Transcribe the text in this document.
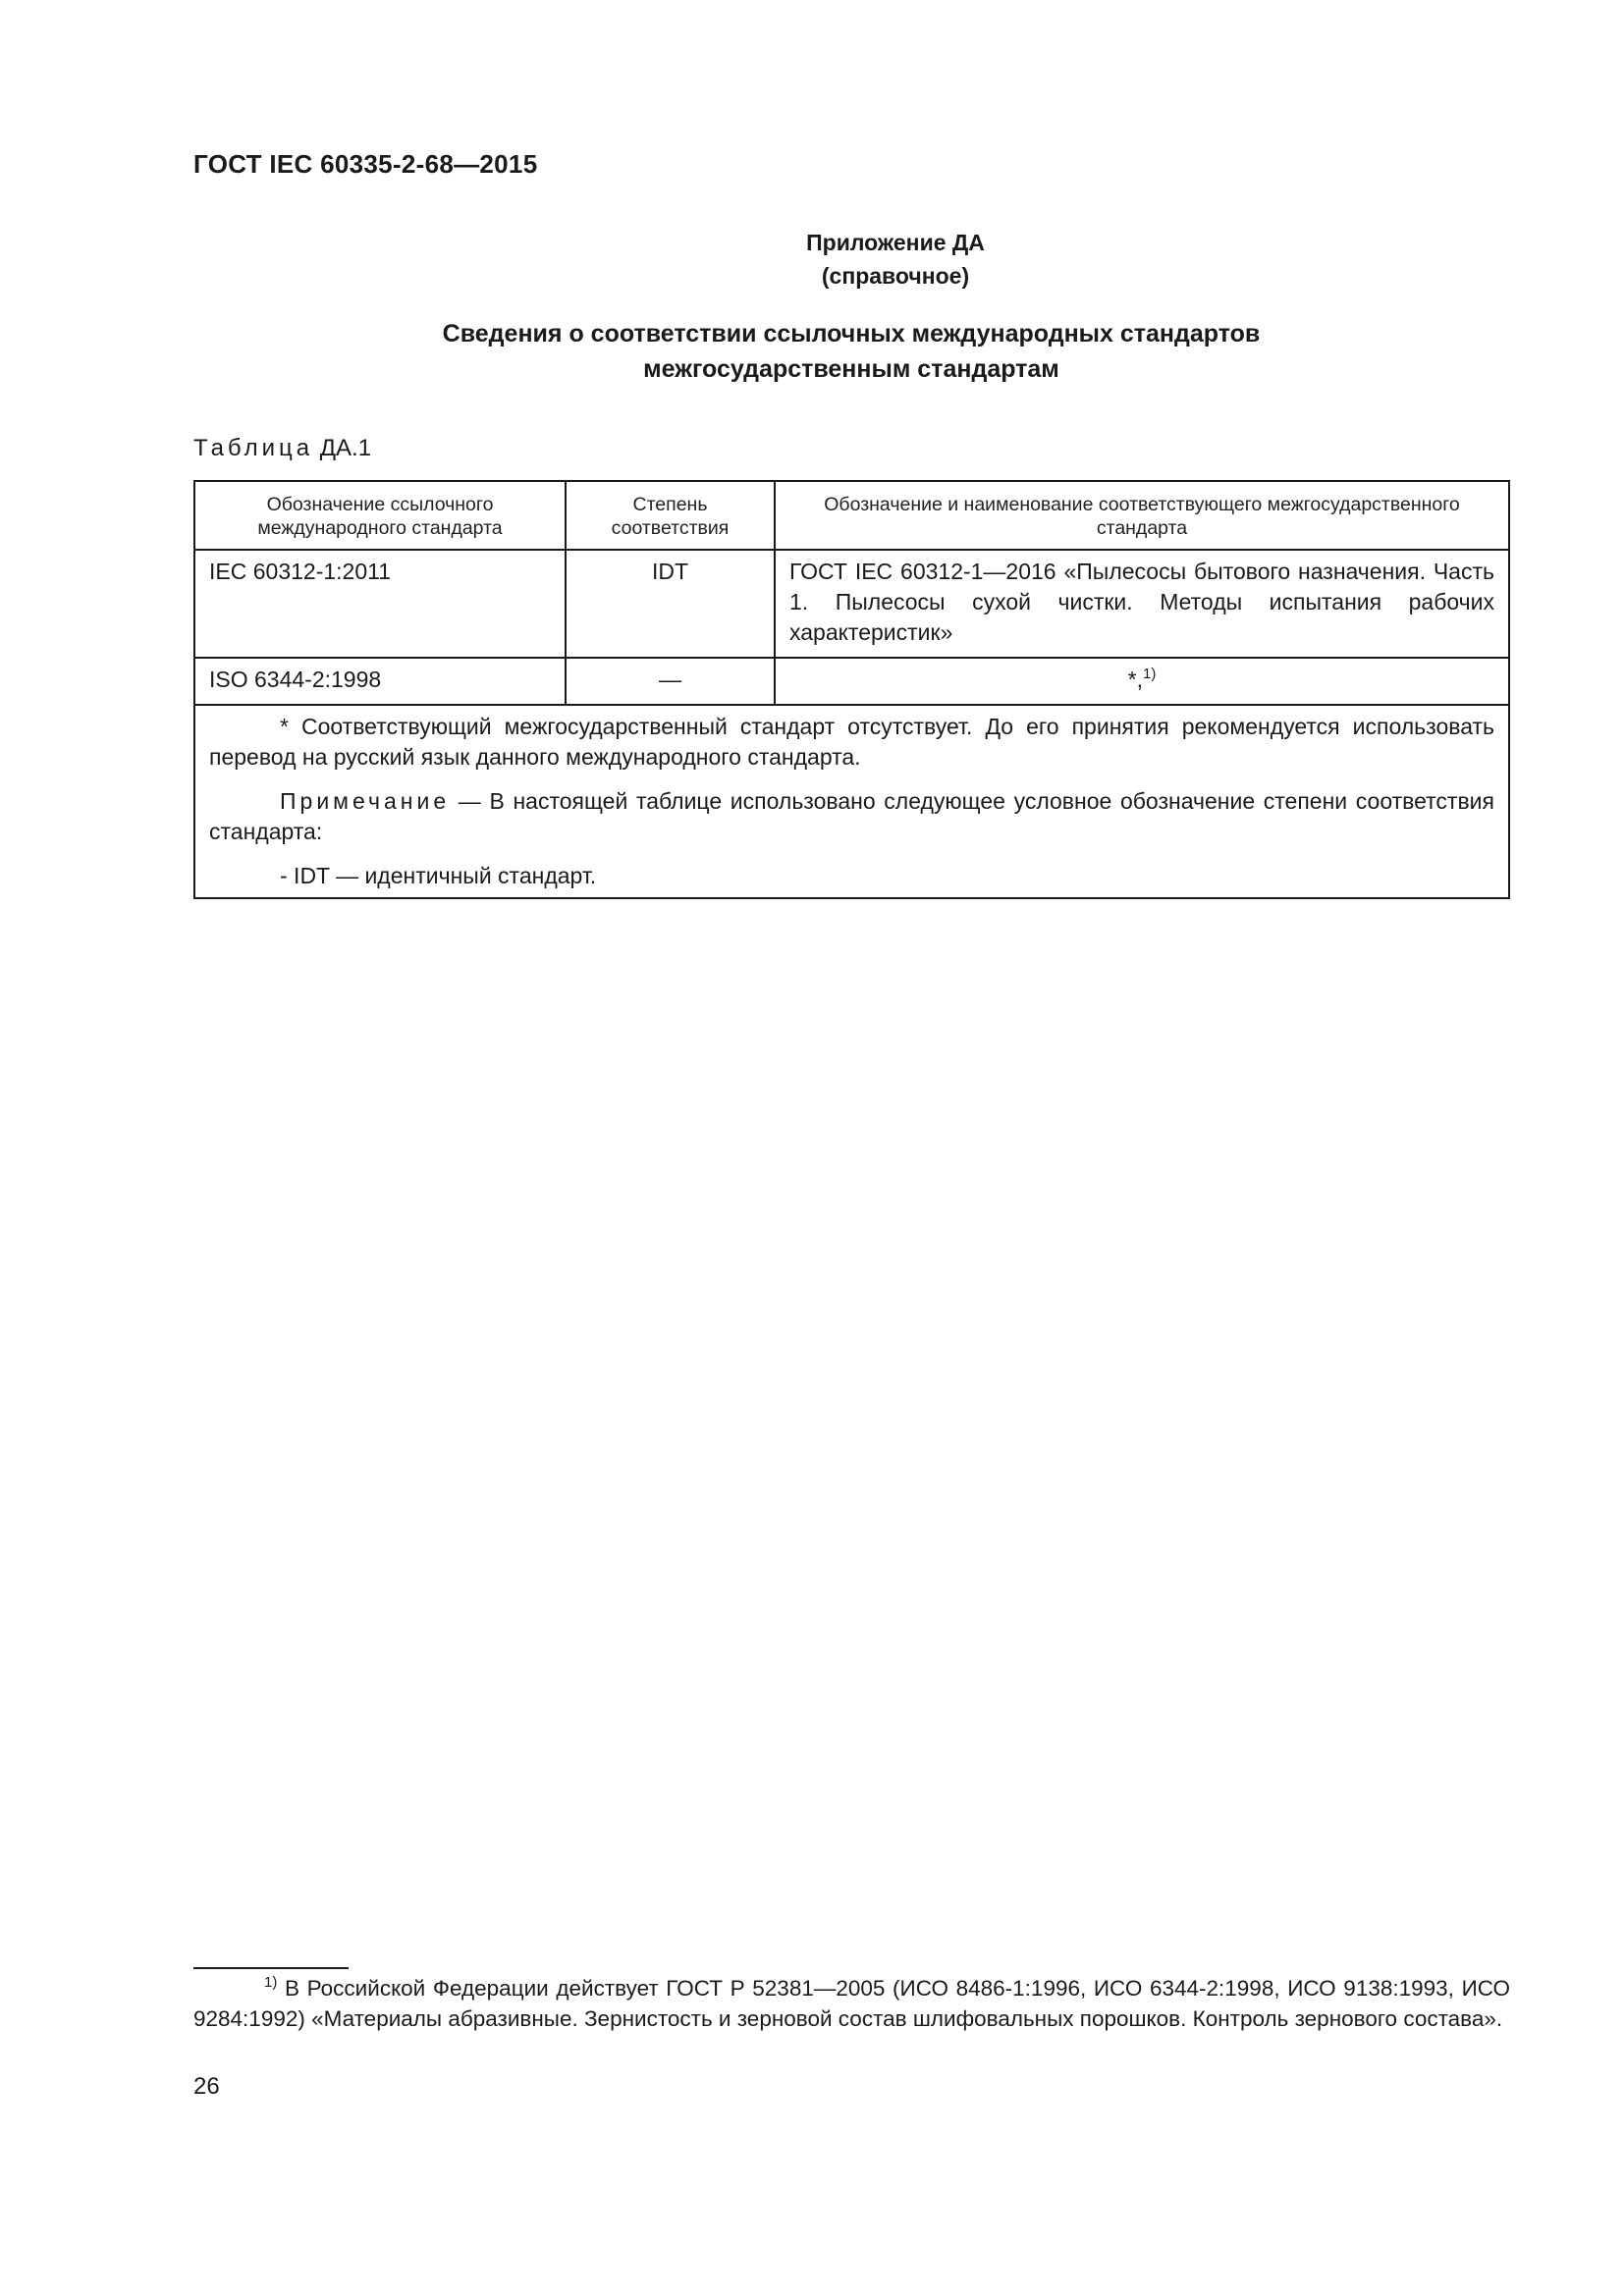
ГОСТ IEC 60335-2-68—2015
Приложение ДА
(справочное)
Сведения о соответствии ссылочных международных стандартов
межгосударственным стандартам
Таблица ДА.1
Обозначение ссылочного международного стандарта	Степень соответствия	Обозначение и наименование соответствующего межгосударственного стандарта
IEC 60312-1:2011	IDT	ГОСТ IEC 60312-1—2016 «Пылесосы бытового назначения. Часть 1. Пылесосы сухой чистки. Методы испытания рабочих характеристик»
ISO 6344-2:1998	—	*,$^{1)}$

* Соответствующий межгосударственный стандарт отсутствует. До его принятия рекомендуется использовать перевод на русский язык данного международного стандарта.

Примечание — В настоящей таблице использовано следующее условное обозначение степени соответствия стандарта:

- IDT — идентичный стандарт.		

$^{1)}$ В Российской Федерации действует ГОСТ Р 52381—2005 (ИСО 8486-1:1996, ИСО 6344-2:1998, ИСО 9138:1993, ИСО 9284:1992) «Материалы абразивные. Зернистость и зерновой состав шлифовальных порошков. Контроль зернового состава».
26
